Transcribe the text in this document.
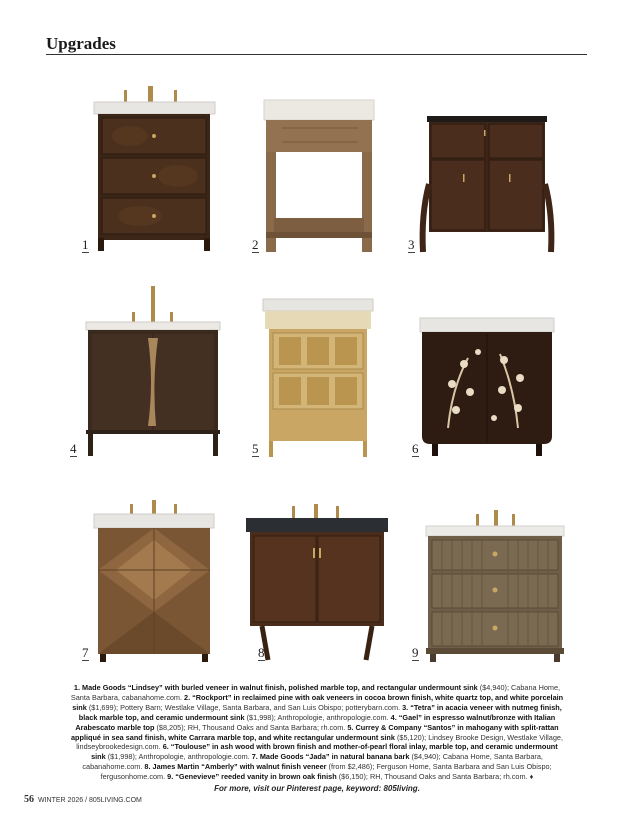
Upgrades
1	2	3
4	5	6
7	8	9
1. Made Goods “Lindsey” with burled veneer in walnut finish, polished marble top, and rectangular undermount sink ($4,940); Cabana Home, Santa Barbara, cabanahome.com. 2. “Rockport” in reclaimed pine with oak veneers in cocoa brown finish, white quartz top, and white porcelain sink ($1,699); Pottery Barn; Westlake Village, Santa Barbara, and San Luis Obispo; potterybarn.com. 3. “Tetra” in acacia veneer with nutmeg finish, black marble top, and ceramic undermount sink ($1,998); Anthropologie, anthropologie.com. 4. “Gael” in espresso walnut/bronze with Italian Arabescato marble top ($8,205); RH, Thousand Oaks and Santa Barbara; rh.com. 5. Currey & Company “Santos” in mahogany with split-rattan appliqué in sea sand finish, white Carrara marble top, and white rectangular undermount sink ($5,120); Lindsey Brooke Design, Westlake Village, lindseybrookedesign.com. 6. “Toulouse” in ash wood with brown finish and mother-of-pearl floral inlay, marble top, and ceramic undermount sink ($1,998); Anthropologie, anthropologie.com. 7. Made Goods “Jada” in natural banana bark ($4,940); Cabana Home, Santa Barbara, cabanahome.com. 8. James Martin “Amberly” with walnut finish veneer (from $2,486); Ferguson Home, Santa Barbara and San Luis Obispo; fergusonhome.com. 9. “Genevieve” reeded vanity in brown oak finish ($6,150); RH, Thousand Oaks and Santa Barbara; rh.com. ♦
For more, visit our Pinterest page, keyword: 805living.
56 WINTER 2026 / 805LIVING.COM
